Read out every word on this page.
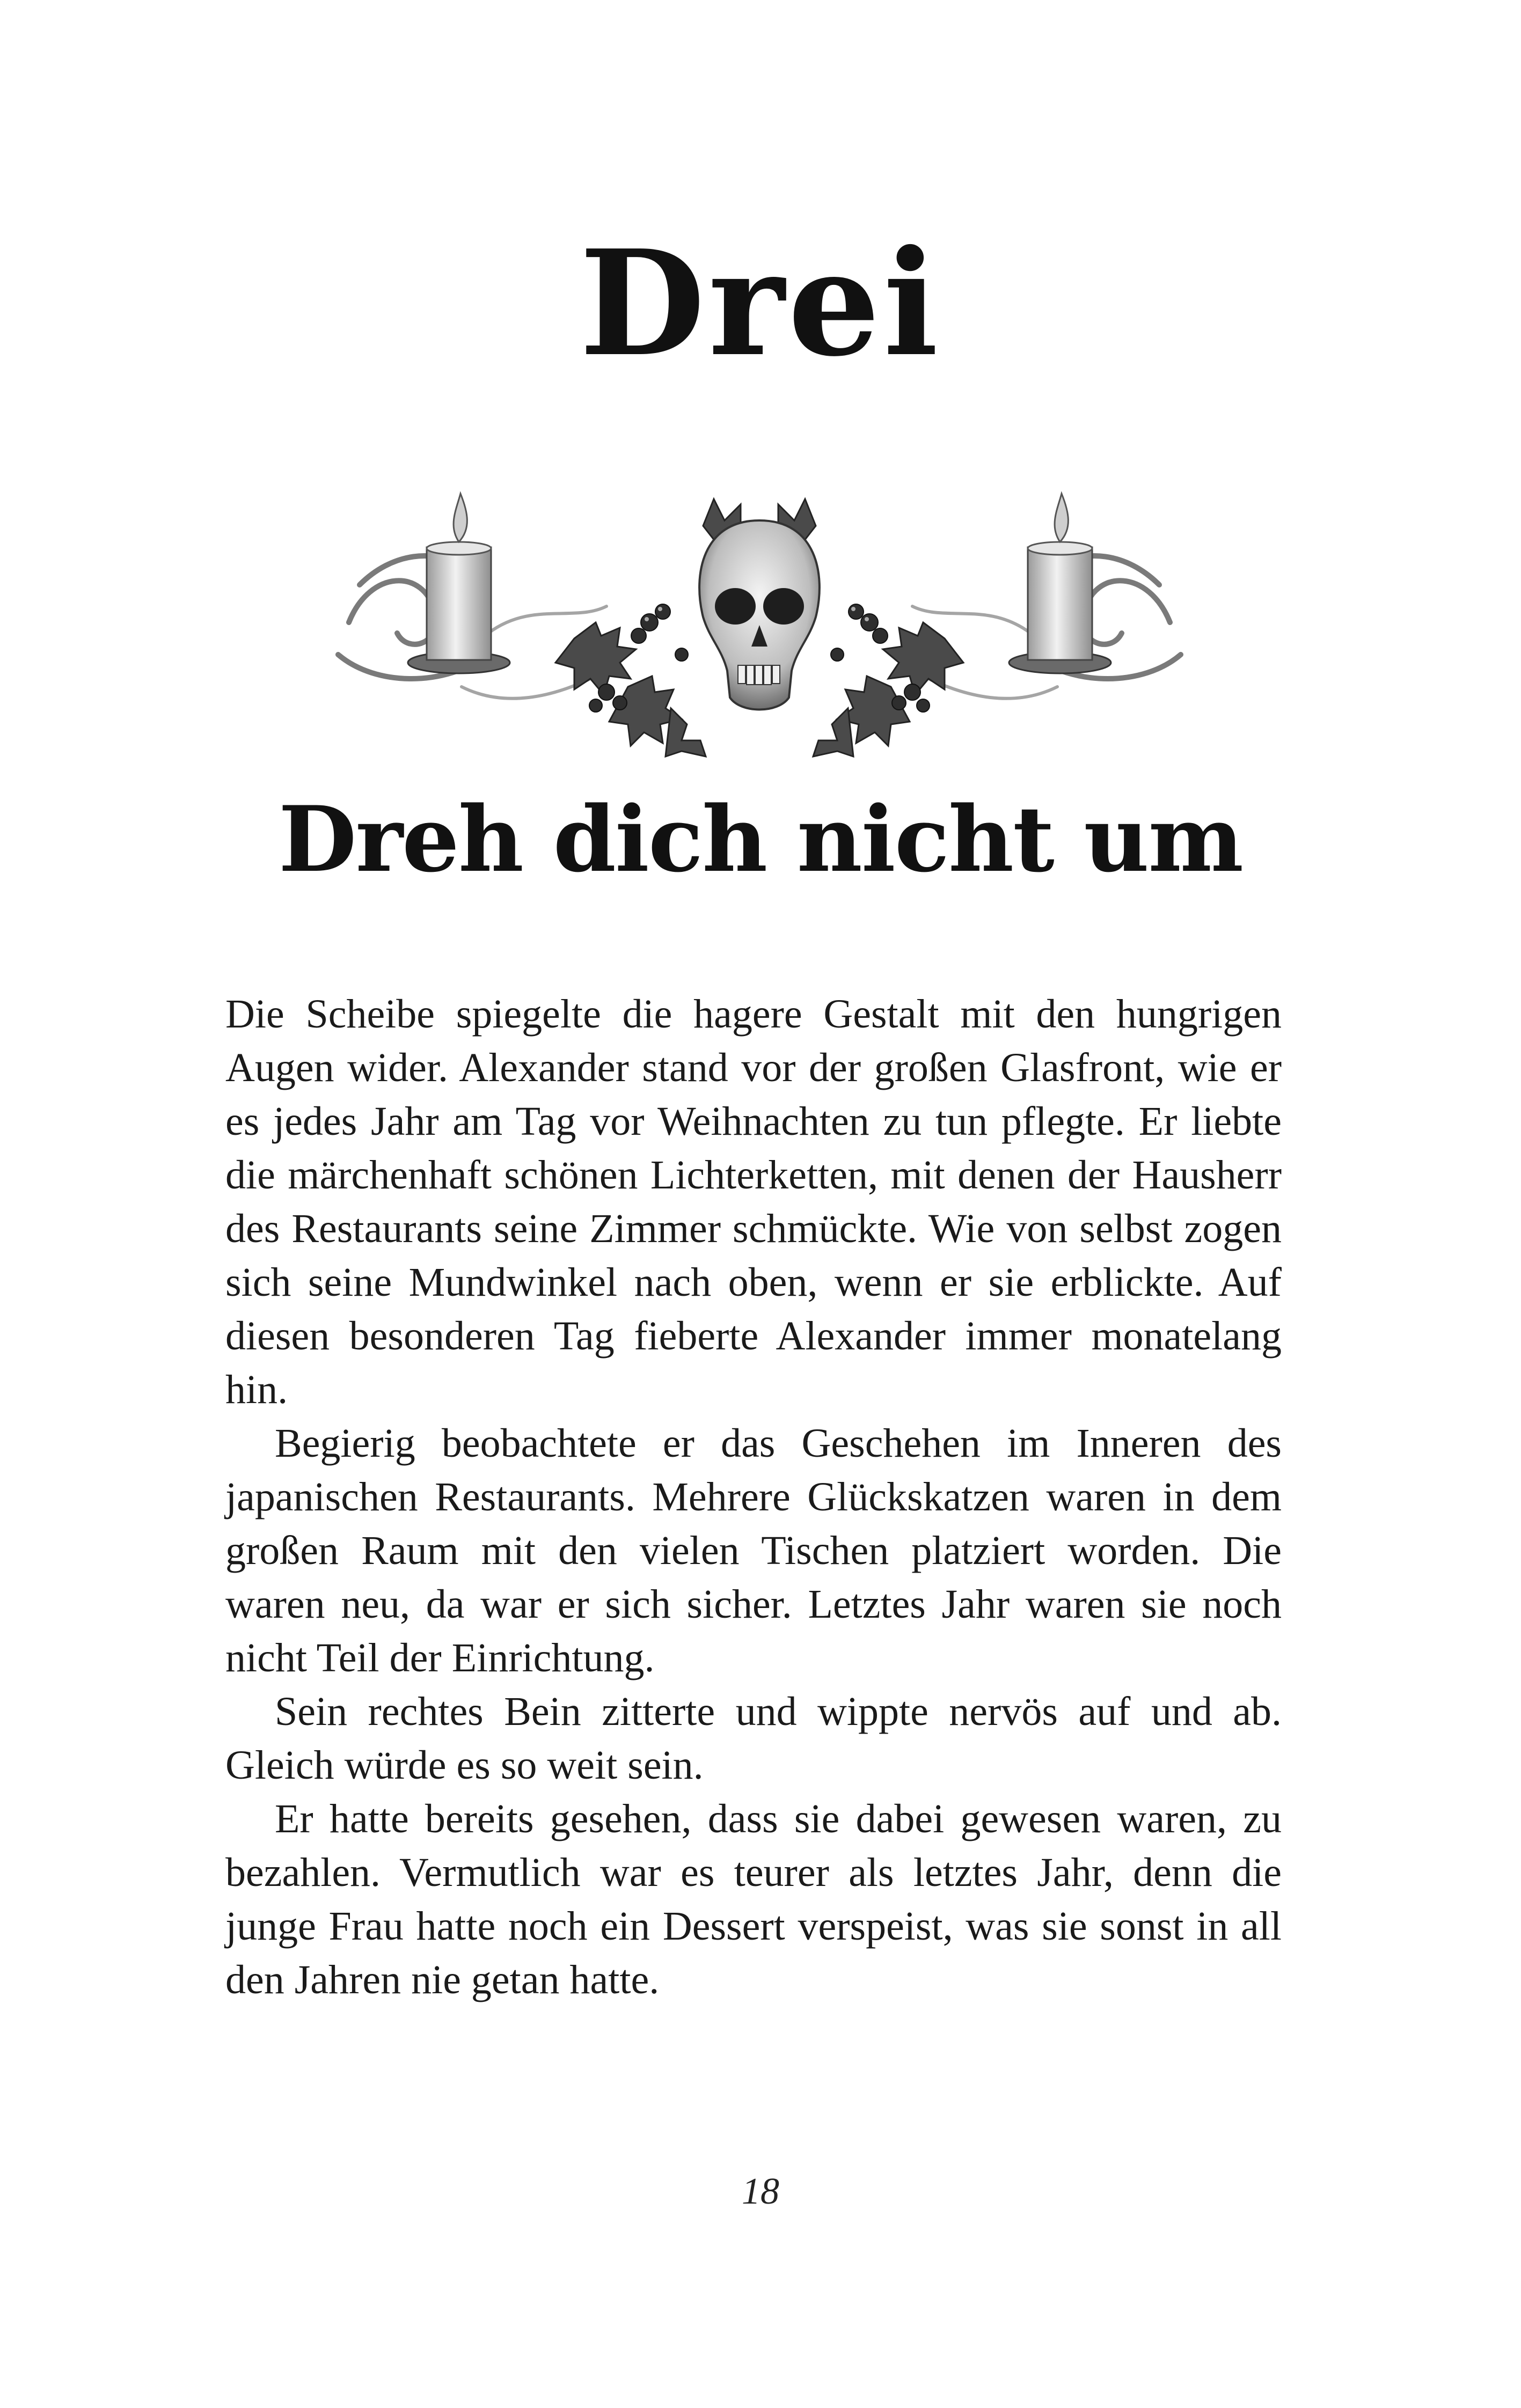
Drei
Dreh dich nicht um

Die Scheibe spiegelte die hagere Gestalt mit den hungrigen Augen wider. Alexander stand vor der großen Glasfront, wie er es jedes Jahr am Tag vor Weihnachten zu tun pflegte. Er liebte die märchenhaft schönen Lichterketten, mit denen der Hausherr des Restaurants seine Zimmer schmückte. Wie von selbst zogen sich seine Mundwinkel nach oben, wenn er sie erblickte. Auf diesen besonderen Tag fieberte Alexander immer monatelang hin.

Begierig beobachtete er das Geschehen im Inneren des japanischen Restaurants. Mehrere Glückskatzen waren in dem großen Raum mit den vielen Tischen platziert worden. Die waren neu, da war er sich sicher. Letztes Jahr waren sie noch nicht Teil der Einrichtung.

Sein rechtes Bein zitterte und wippte nervös auf und ab. Gleich würde es so weit sein.

Er hatte bereits gesehen, dass sie dabei gewesen waren, zu bezahlen. Vermutlich war es teurer als letztes Jahr, denn die junge Frau hatte noch ein Dessert verspeist, was sie sonst in all den Jahren nie getan hatte.

18
